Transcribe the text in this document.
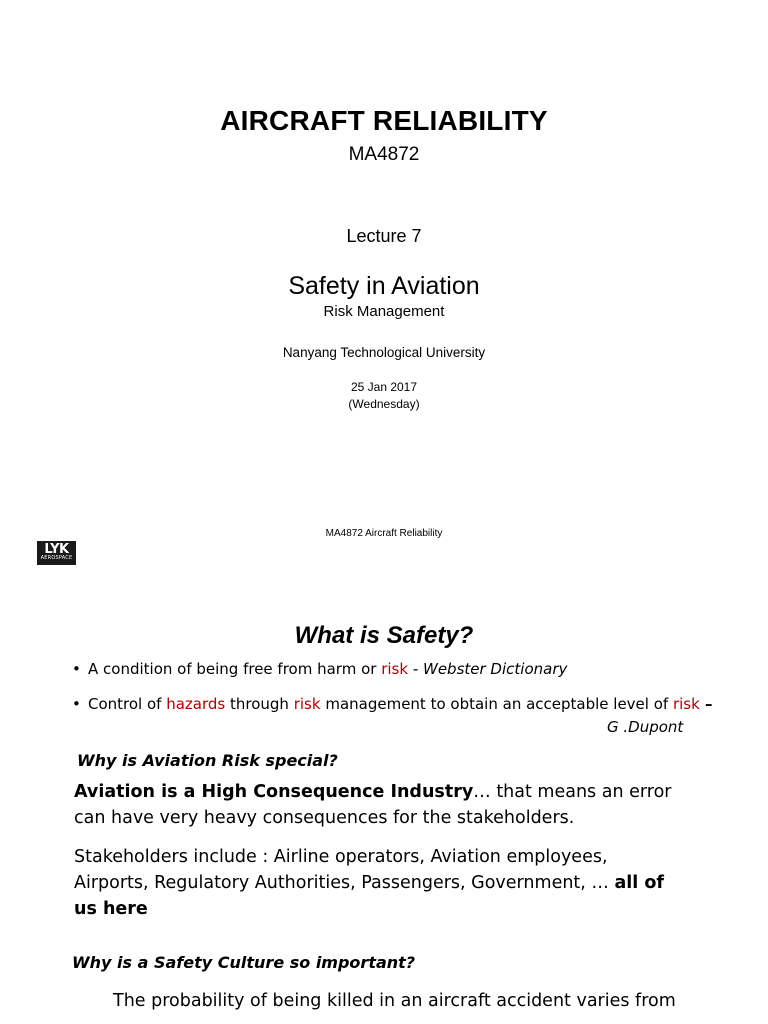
AIRCRAFT RELIABILITY
MA4872
Lecture 7
Safety in Aviation
Risk Management
Nanyang Technological University
25 Jan 2017
(Wednesday)
MA4872 Aircraft Reliability
LYK
AEROSPACE
What is Safety?
• A condition of being free from harm or risk - Webster Dictionary
• Control of hazards through risk management to obtain an acceptable level of risk –
G .Dupont
Why is Aviation Risk special?
Aviation is a High Consequence Industry… that means an error can have very heavy consequences for the stakeholders.
Stakeholders include : Airline operators, Aviation employees, Airports, Regulatory Authorities, Passengers, Government, … all of us here
Why is a Safety Culture so important?
The probability of being killed in an aircraft accident varies from
